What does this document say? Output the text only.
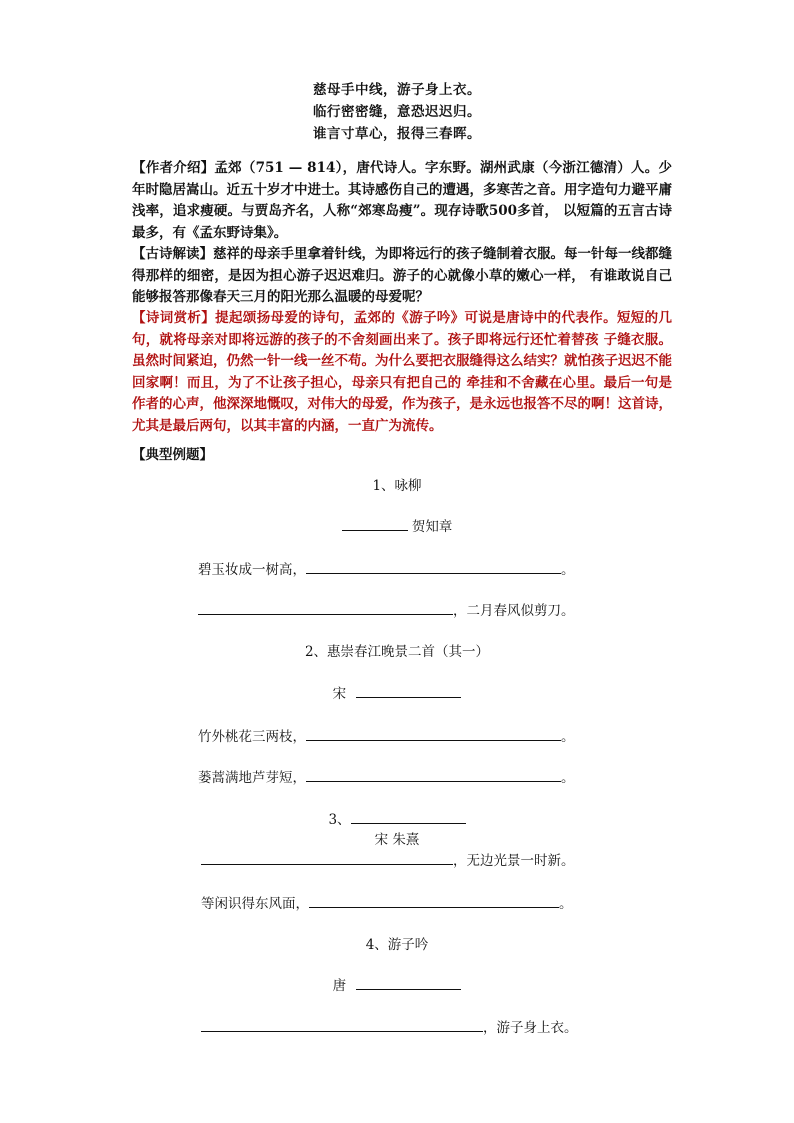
慈母手中线，游子身上衣。
临行密密缝，意恐迟迟归。
谁言寸草心，报得三春晖。

【作者介绍】孟郊（751 — 814），唐代诗人。字东野。湖州武康（今浙江德清）人。少年时隐居嵩山。近五十岁才中进士。其诗感伤自己的遭遇，多寒苦之音。用字造句力避平庸浅率，追求瘦硬。与贾岛齐名，人称“郊寒岛瘦”。现存诗歌500多首， 以短篇的五言古诗最多，有《孟东野诗集》。

【古诗解读】慈祥的母亲手里拿着针线，为即将远行的孩子缝制着衣服。每一针每一线都缝得那样的细密，是因为担心游子迟迟难归。游子的心就像小草的嫩心一样， 有谁敢说自己能够报答那像春天三月的阳光那么温暖的母爱呢？

【诗词赏析】提起颂扬母爱的诗句，孟郊的《游子吟》可说是唐诗中的代表作。短短的几句，就将母亲对即将远游的孩子的不舍刻画出来了。孩子即将远行还忙着替孩 子缝衣服。虽然时间紧迫，仍然一针一线一丝不苟。为什么要把衣服缝得这么结实？就怕孩子迟迟不能回家啊！而且，为了不让孩子担心，母亲只有把自己的 牵挂和不舍藏在心里。最后一句是作者的心声，他深深地慨叹，对伟大的母爱，作为孩子，是永远也报答不尽的啊！这首诗，尤其是最后两句，以其丰富的内涵，一直广为流传。

【典型例题】
1、咏柳
贺知章
碧玉妆成一树高，	。
，二月春风似剪刀。
2、惠崇春江晚景二首（其一）
宋
竹外桃花三两枝，	。
蒌蒿满地芦芽短，	。
3、
宋 朱熹
，无边光景一时新。
等闲识得东风面，	。
4、游子吟
唐
，游子身上衣。
